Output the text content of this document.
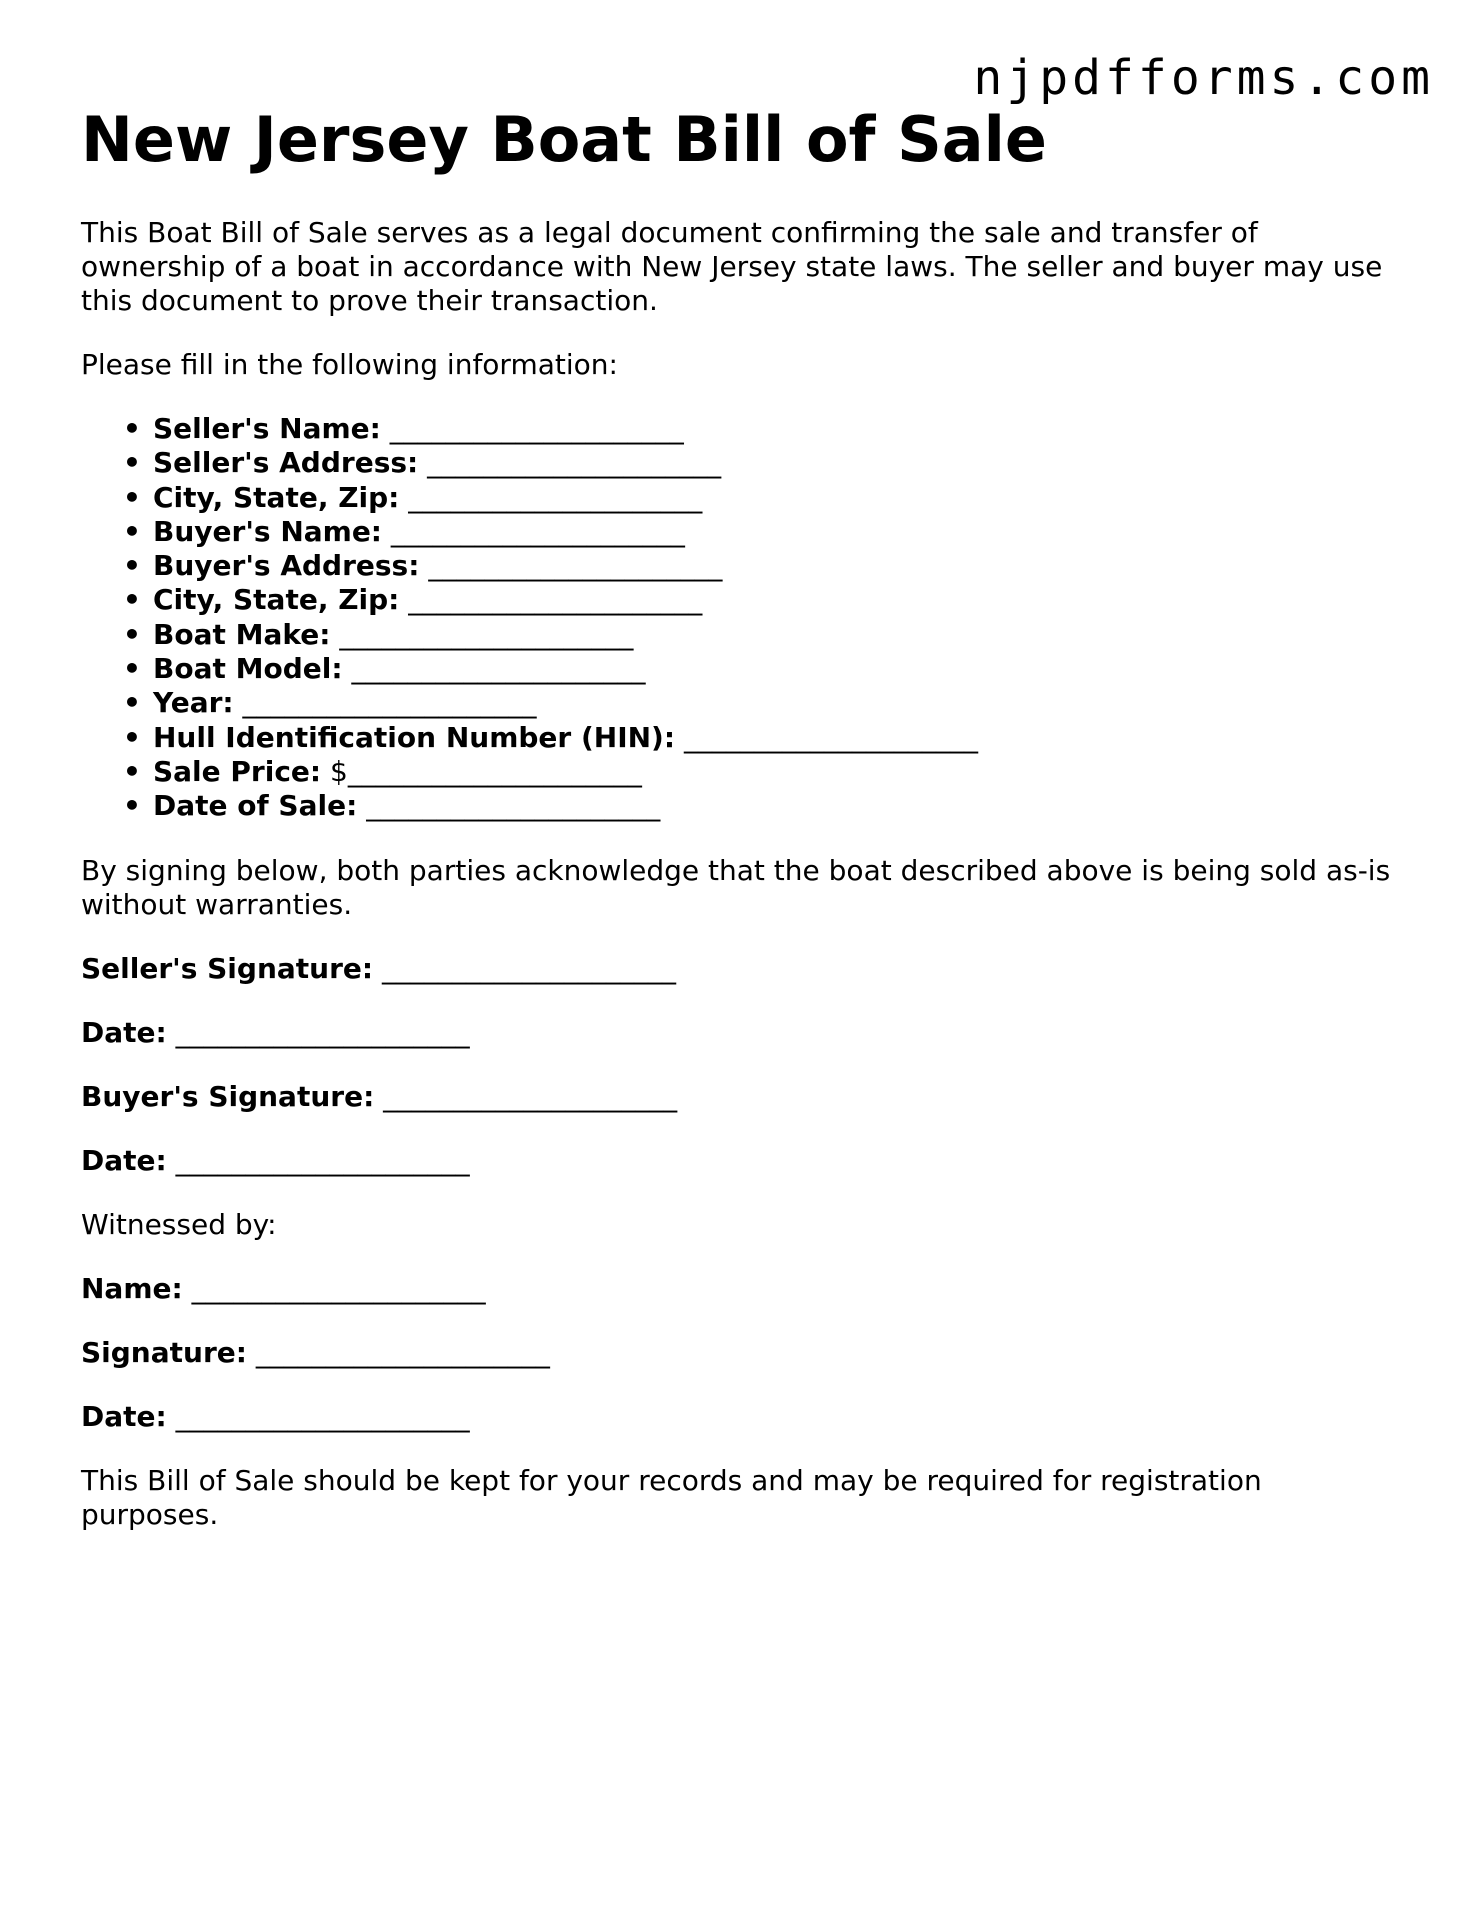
njpdfforms.com
New Jersey Boat Bill of Sale

This Boat Bill of Sale serves as a legal document confirming the sale and transfer of ownership of a boat in accordance with New Jersey state laws. The seller and buyer may use this document to prove their transaction.

Please fill in the following information:

• Seller's Name: _____________________
• Seller's Address: _____________________
• City, State, Zip: _____________________
• Buyer's Name: _____________________
• Buyer's Address: _____________________
• City, State, Zip: _____________________
• Boat Make: _____________________
• Boat Model: _____________________
• Year: _____________________
• Hull Identification Number (HIN): _____________________
• Sale Price: $_____________________
• Date of Sale: _____________________

By signing below, both parties acknowledge that the boat described above is being sold as-is without warranties.

Seller's Signature: _____________________

Date: _____________________

Buyer's Signature: _____________________

Date: _____________________

Witnessed by:

Name: _____________________

Signature: _____________________

Date: _____________________

This Bill of Sale should be kept for your records and may be required for registration purposes.
